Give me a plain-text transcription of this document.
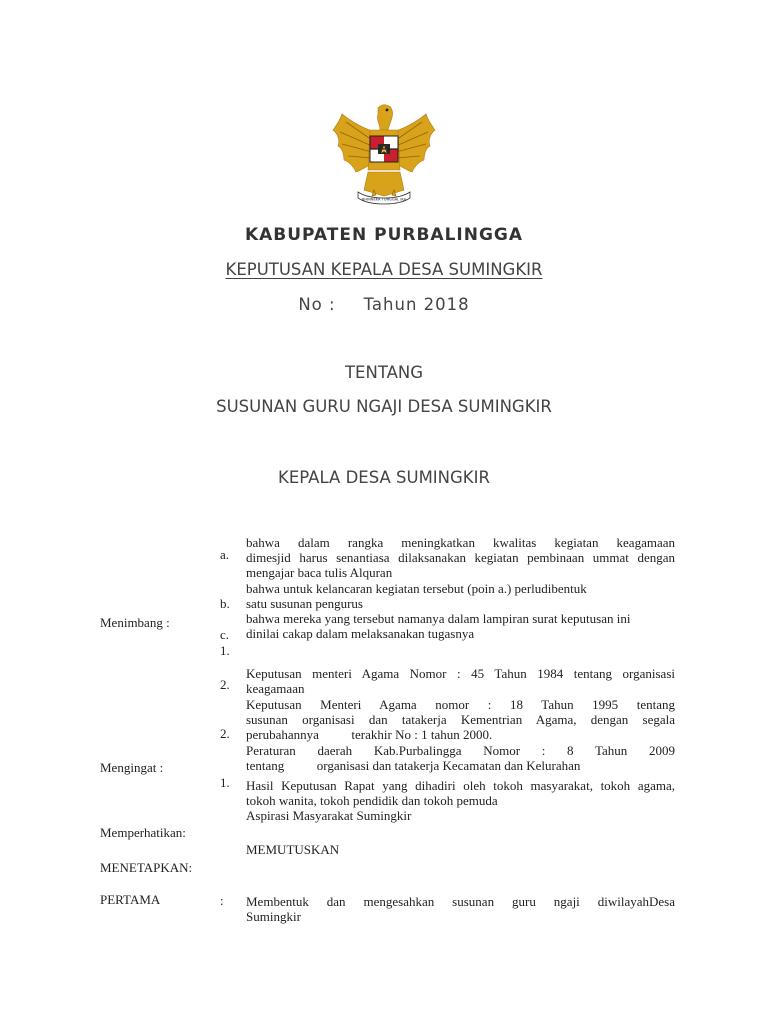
BHINNEKA TUNGGAL IKA
KABUPATEN PURBALINGGA
KEPUTUSAN KEPALA DESA SUMINGKIR
No : Tahun 2018
TENTANG
SUSUNAN GURU NGAJI DESA SUMINGKIR
KEPALA DESA SUMINGKIR
Menimbang :
a.
b.
c.
1.
bahwa dalam rangka meningkatkan kwalitas kegiatan keagamaan
dimesjid harus senantiasa dilaksanakan kegiatan pembinaan ummat dengan
mengajar baca tulis Alquran
bahwa untuk kelancaran kegiatan tersebut (poin a.) perludibentuk
satu susunan pengurus
bahwa mereka yang tersebut namanya dalam lampiran surat keputusan ini
dinilai cakap dalam melaksanakan tugasnya
Mengingat :
2.
2.
1.
Keputusan menteri Agama Nomor : 45 Tahun 1984 tentang organisasi
keagamaan
Keputusan Menteri Agama nomor : 18 Tahun 1995 tentang
susunan organisasi dan tatakerja Kementrian Agama, dengan segala
perubahannya          terakhir No : 1 tahun 2000.
Peraturan daerah Kab.Purbalingga Nomor : 8 Tahun 2009
tentang          organisasi dan tatakerja Kecamatan dan Kelurahan
Hasil Keputusan Rapat yang dihadiri oleh tokoh masyarakat, tokoh agama,
tokoh wanita, tokoh pendidik dan tokoh pemuda
Aspirasi Masyarakat Sumingkir
Memperhatikan:
MEMUTUSKAN
MENETAPKAN:
PERTAMA	: Membentuk dan mengesahkan susunan guru ngaji diwilayahDesa
Sumingkir
